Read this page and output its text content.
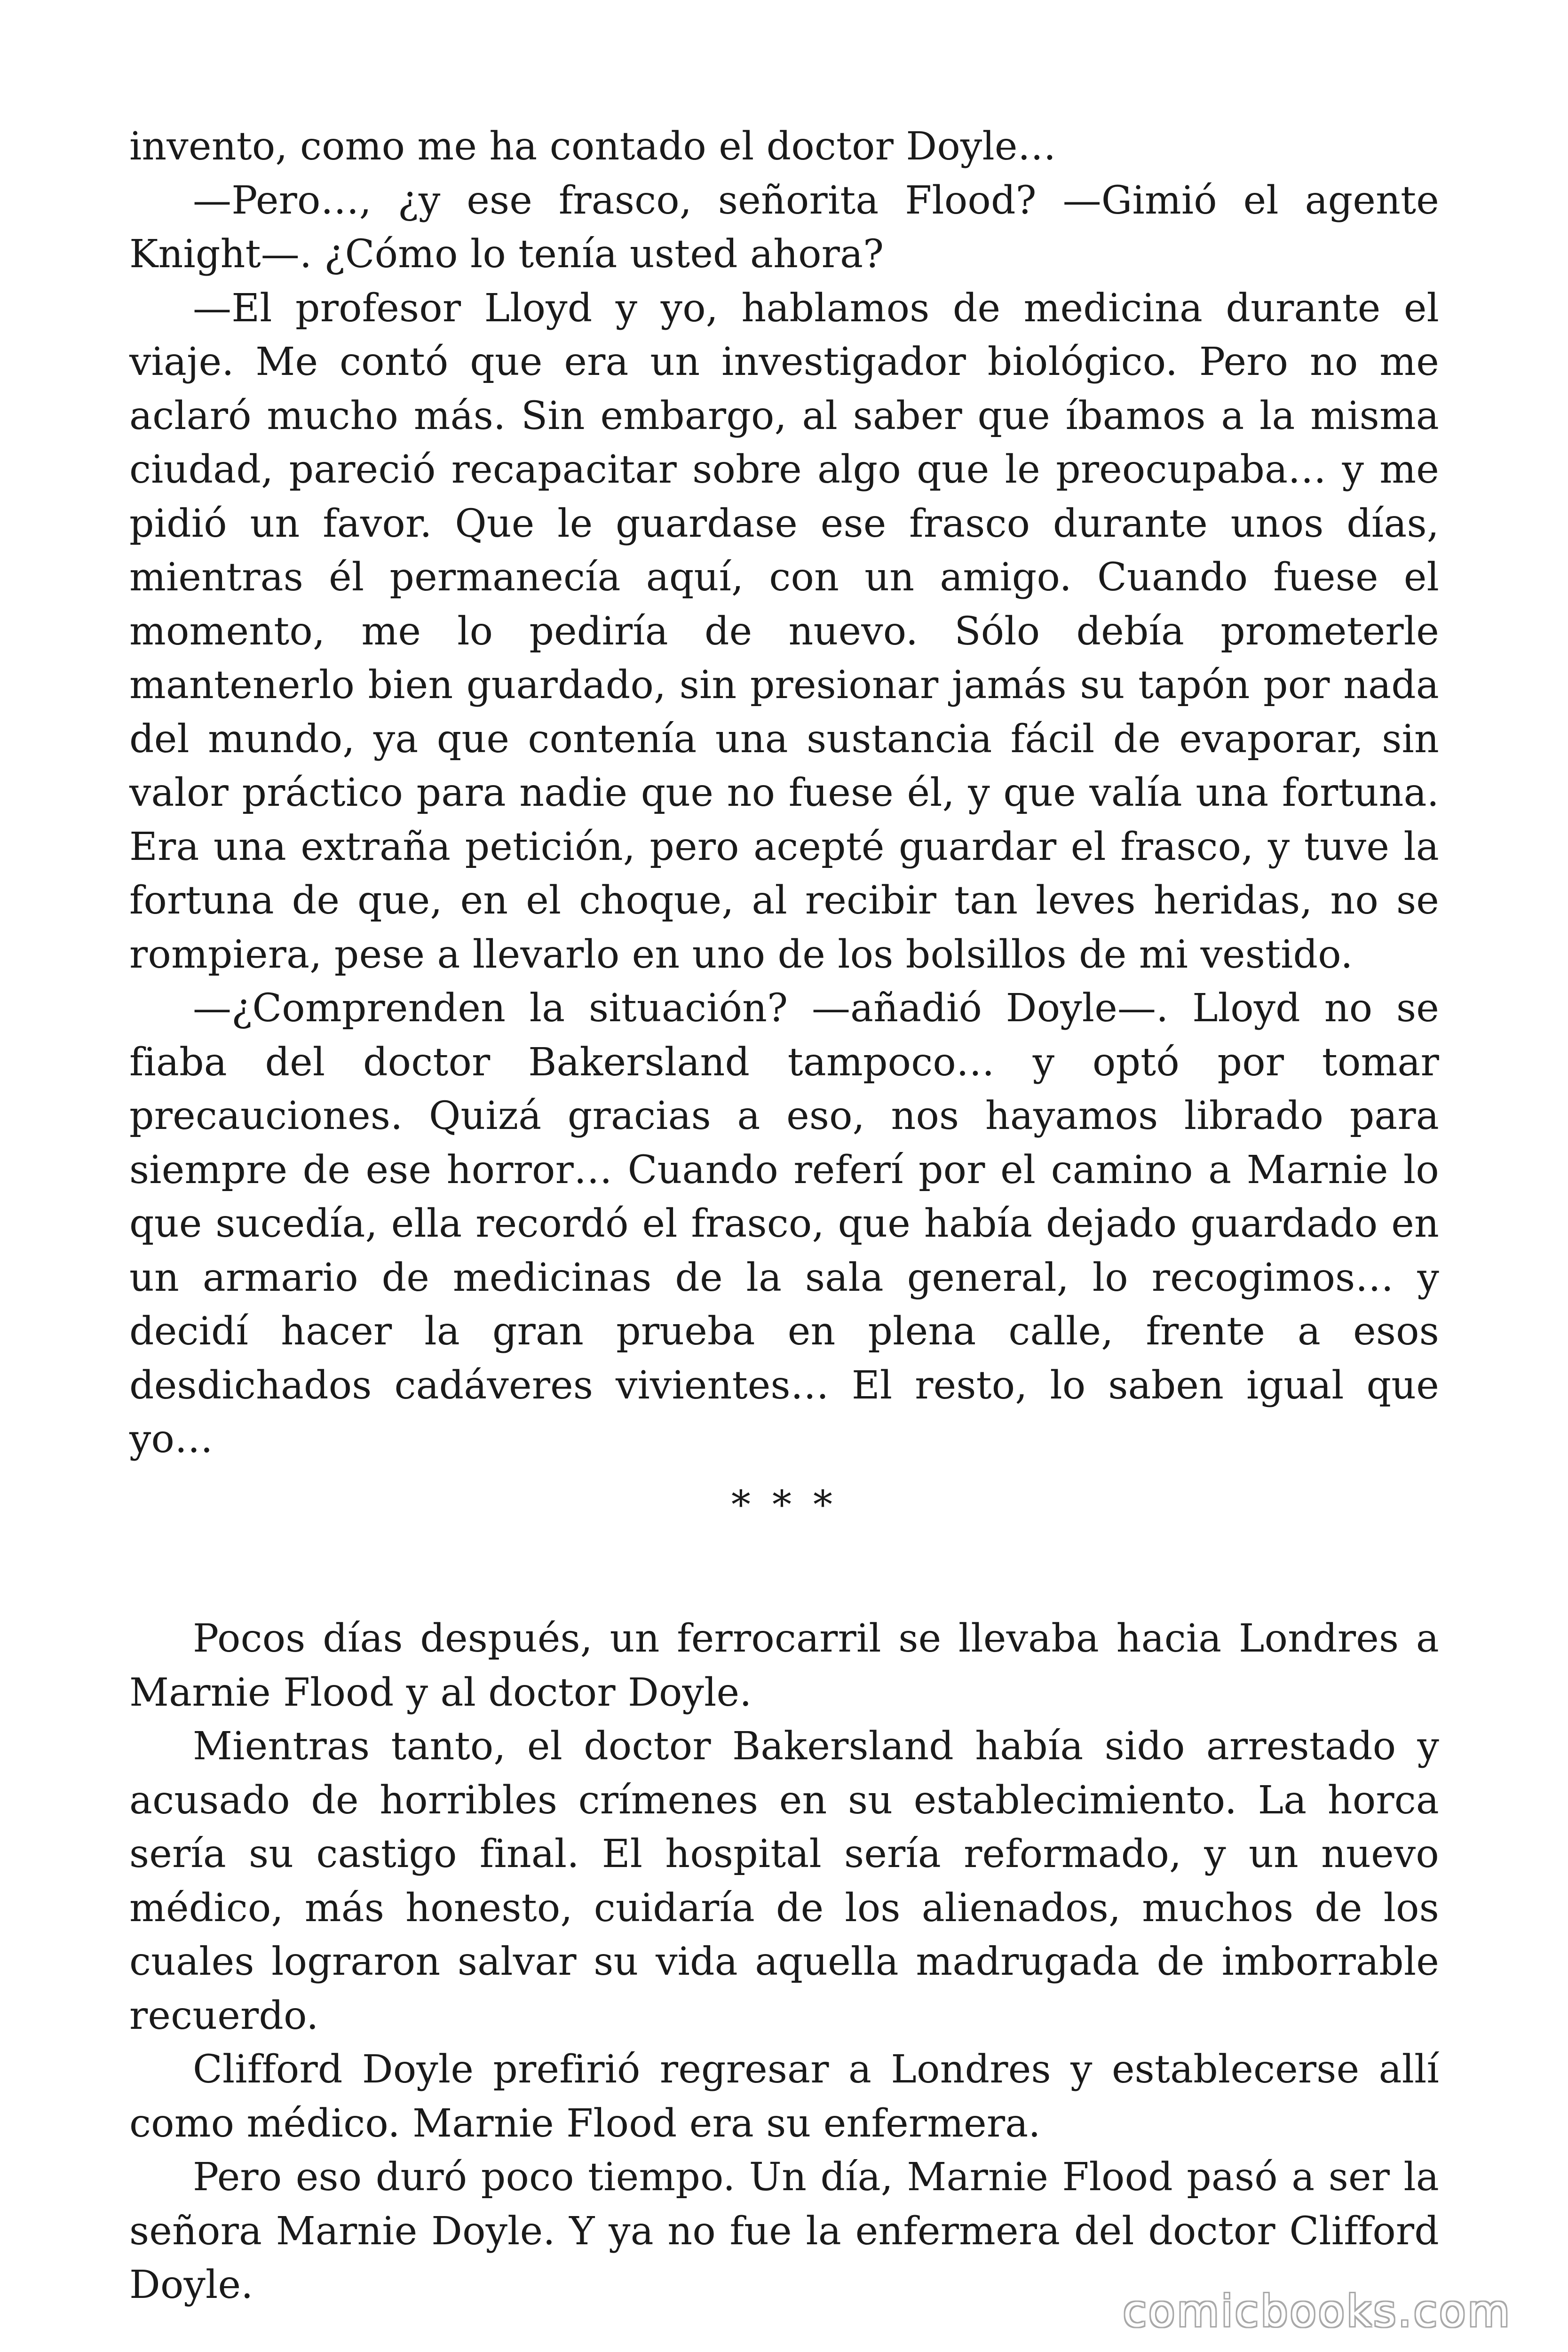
invento, como me ha contado el doctor Doyle…

—Pero…, ¿y ese frasco, señorita Flood? —Gimió el agente Knight—. ¿Cómo lo tenía usted ahora?

—El profesor Lloyd y yo, hablamos de medicina durante el viaje. Me contó que era un investigador biológico. Pero no me aclaró mucho más. Sin embargo, al saber que íbamos a la misma ciudad, pareció recapacitar sobre algo que le preocupaba… y me pidió un favor. Que le guardase ese frasco durante unos días, mientras él permanecía aquí, con un amigo. Cuando fuese el momento, me lo pediría de nuevo. Sólo debía prometerle mantenerlo bien guardado, sin presionar jamás su tapón por nada del mundo, ya que contenía una sustancia fácil de evaporar, sin valor práctico para nadie que no fuese él, y que valía una fortuna. Era una extraña petición, pero acepté guardar el frasco, y tuve la fortuna de que, en el choque, al recibir tan leves heridas, no se rompiera, pese a llevarlo en uno de los bolsillos de mi vestido.

—¿Comprenden la situación? —añadió Doyle—. Lloyd no se fiaba del doctor Bakersland tampoco… y optó por tomar precauciones. Quizá gracias a eso, nos hayamos librado para siempre de ese horror… Cuando referí por el camino a Marnie lo que sucedía, ella recordó el frasco, que había dejado guardado en un armario de medicinas de la sala general, lo recogimos… y decidí hacer la gran prueba en plena calle, frente a esos desdichados cadáveres vivientes… El resto, lo saben igual que yo…

* * *

Pocos días después, un ferrocarril se llevaba hacia Londres a Marnie Flood y al doctor Doyle.

Mientras tanto, el doctor Bakersland había sido arrestado y acusado de horribles crímenes en su establecimiento. La horca sería su castigo final. El hospital sería reformado, y un nuevo médico, más honesto, cuidaría de los alienados, muchos de los cuales lograron salvar su vida aquella madrugada de imborrable recuerdo.

Clifford Doyle prefirió regresar a Londres y establecerse allí como médico. Marnie Flood era su enfermera.

Pero eso duró poco tiempo. Un día, Marnie Flood pasó a ser la señora Marnie Doyle. Y ya no fue la enfermera del doctor Clifford Doyle.

comicbooks.com
